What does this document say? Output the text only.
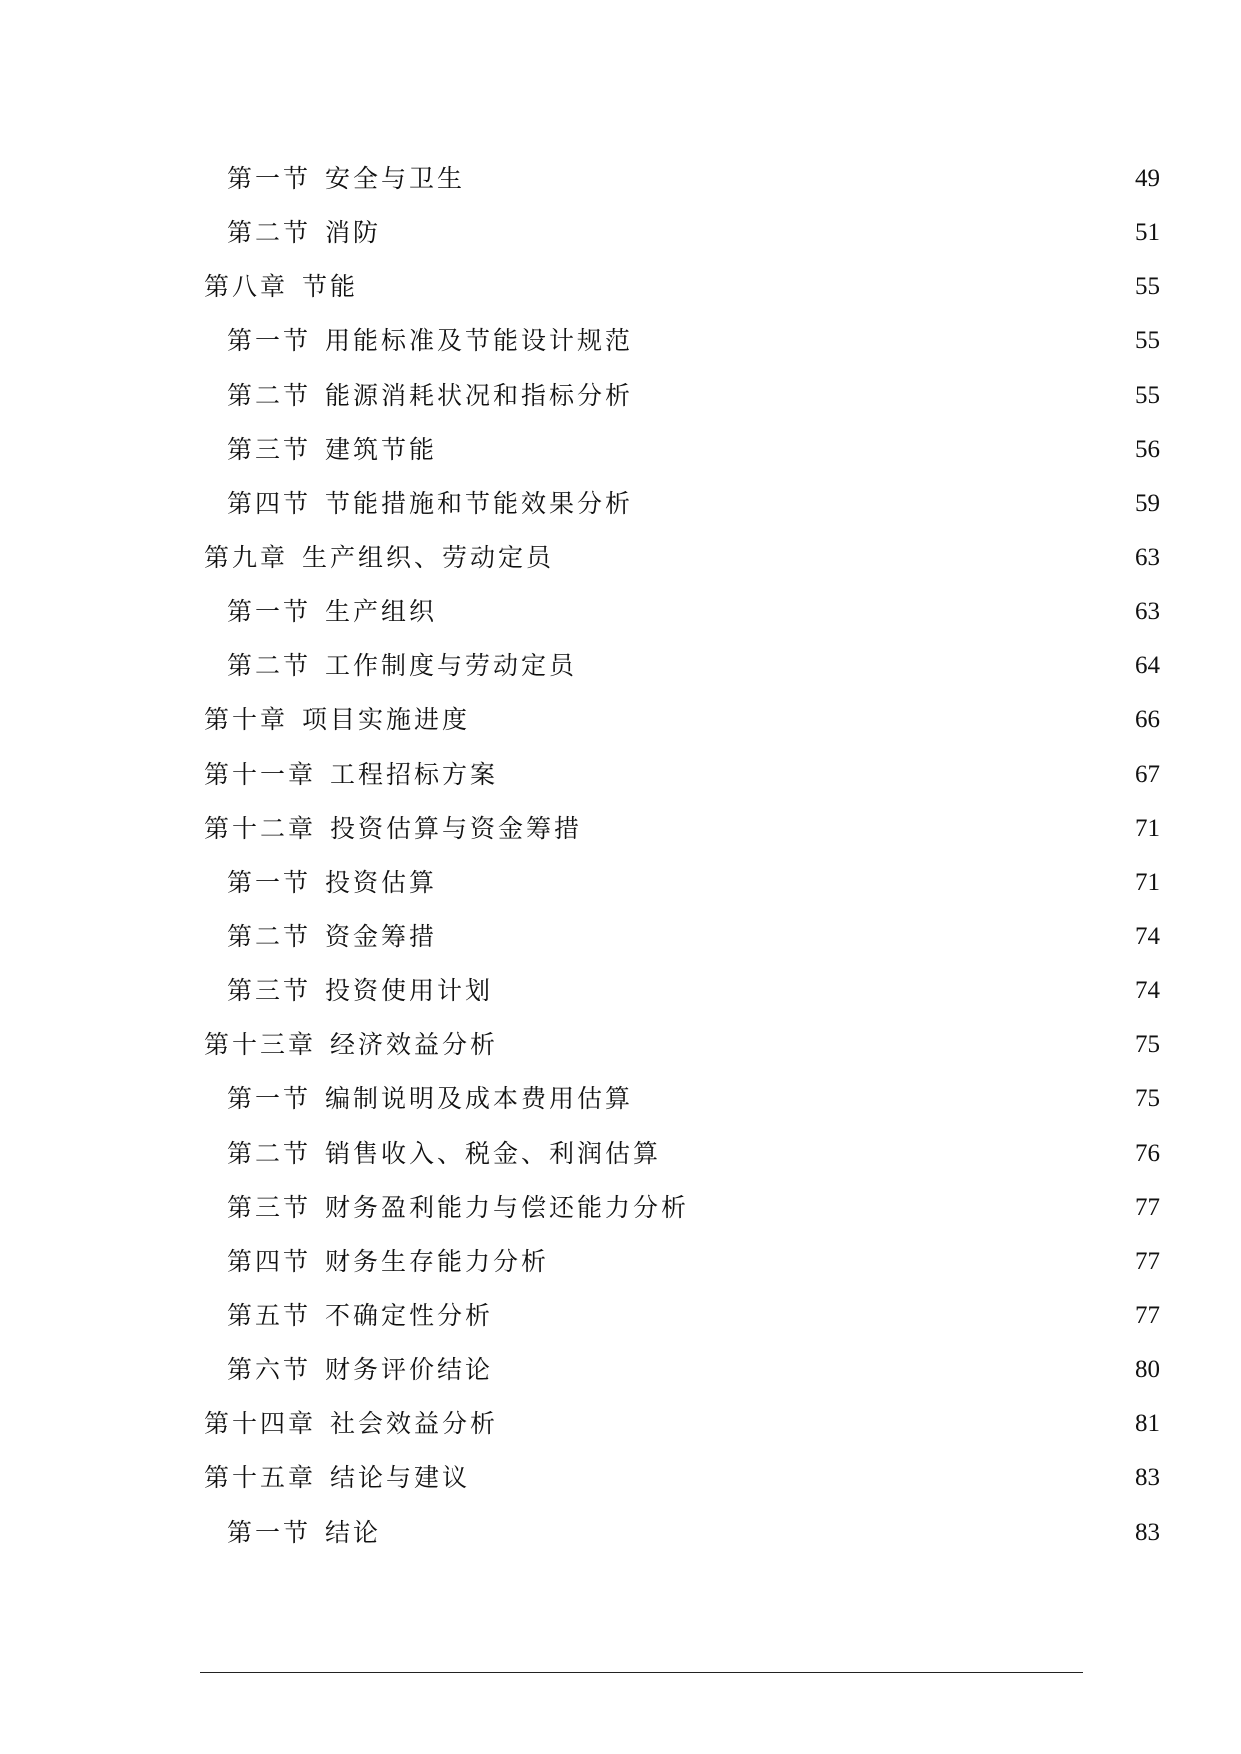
第一节 安全与卫生	49
第二节 消防	51
第八章 节能	55
第一节 用能标准及节能设计规范	55
第二节 能源消耗状况和指标分析	55
第三节 建筑节能	56
第四节 节能措施和节能效果分析	59
第九章 生产组织、劳动定员	63
第一节 生产组织	63
第二节 工作制度与劳动定员	64
第十章 项目实施进度	66
第十一章 工程招标方案	67
第十二章 投资估算与资金筹措	71
第一节 投资估算	71
第二节 资金筹措	74
第三节 投资使用计划	74
第十三章 经济效益分析	75
第一节 编制说明及成本费用估算	75
第二节 销售收入、税金、利润估算	76
第三节 财务盈利能力与偿还能力分析	77
第四节 财务生存能力分析	77
第五节 不确定性分析	77
第六节 财务评价结论	80
第十四章 社会效益分析	81
第十五章 结论与建议	83
第一节 结论	83
